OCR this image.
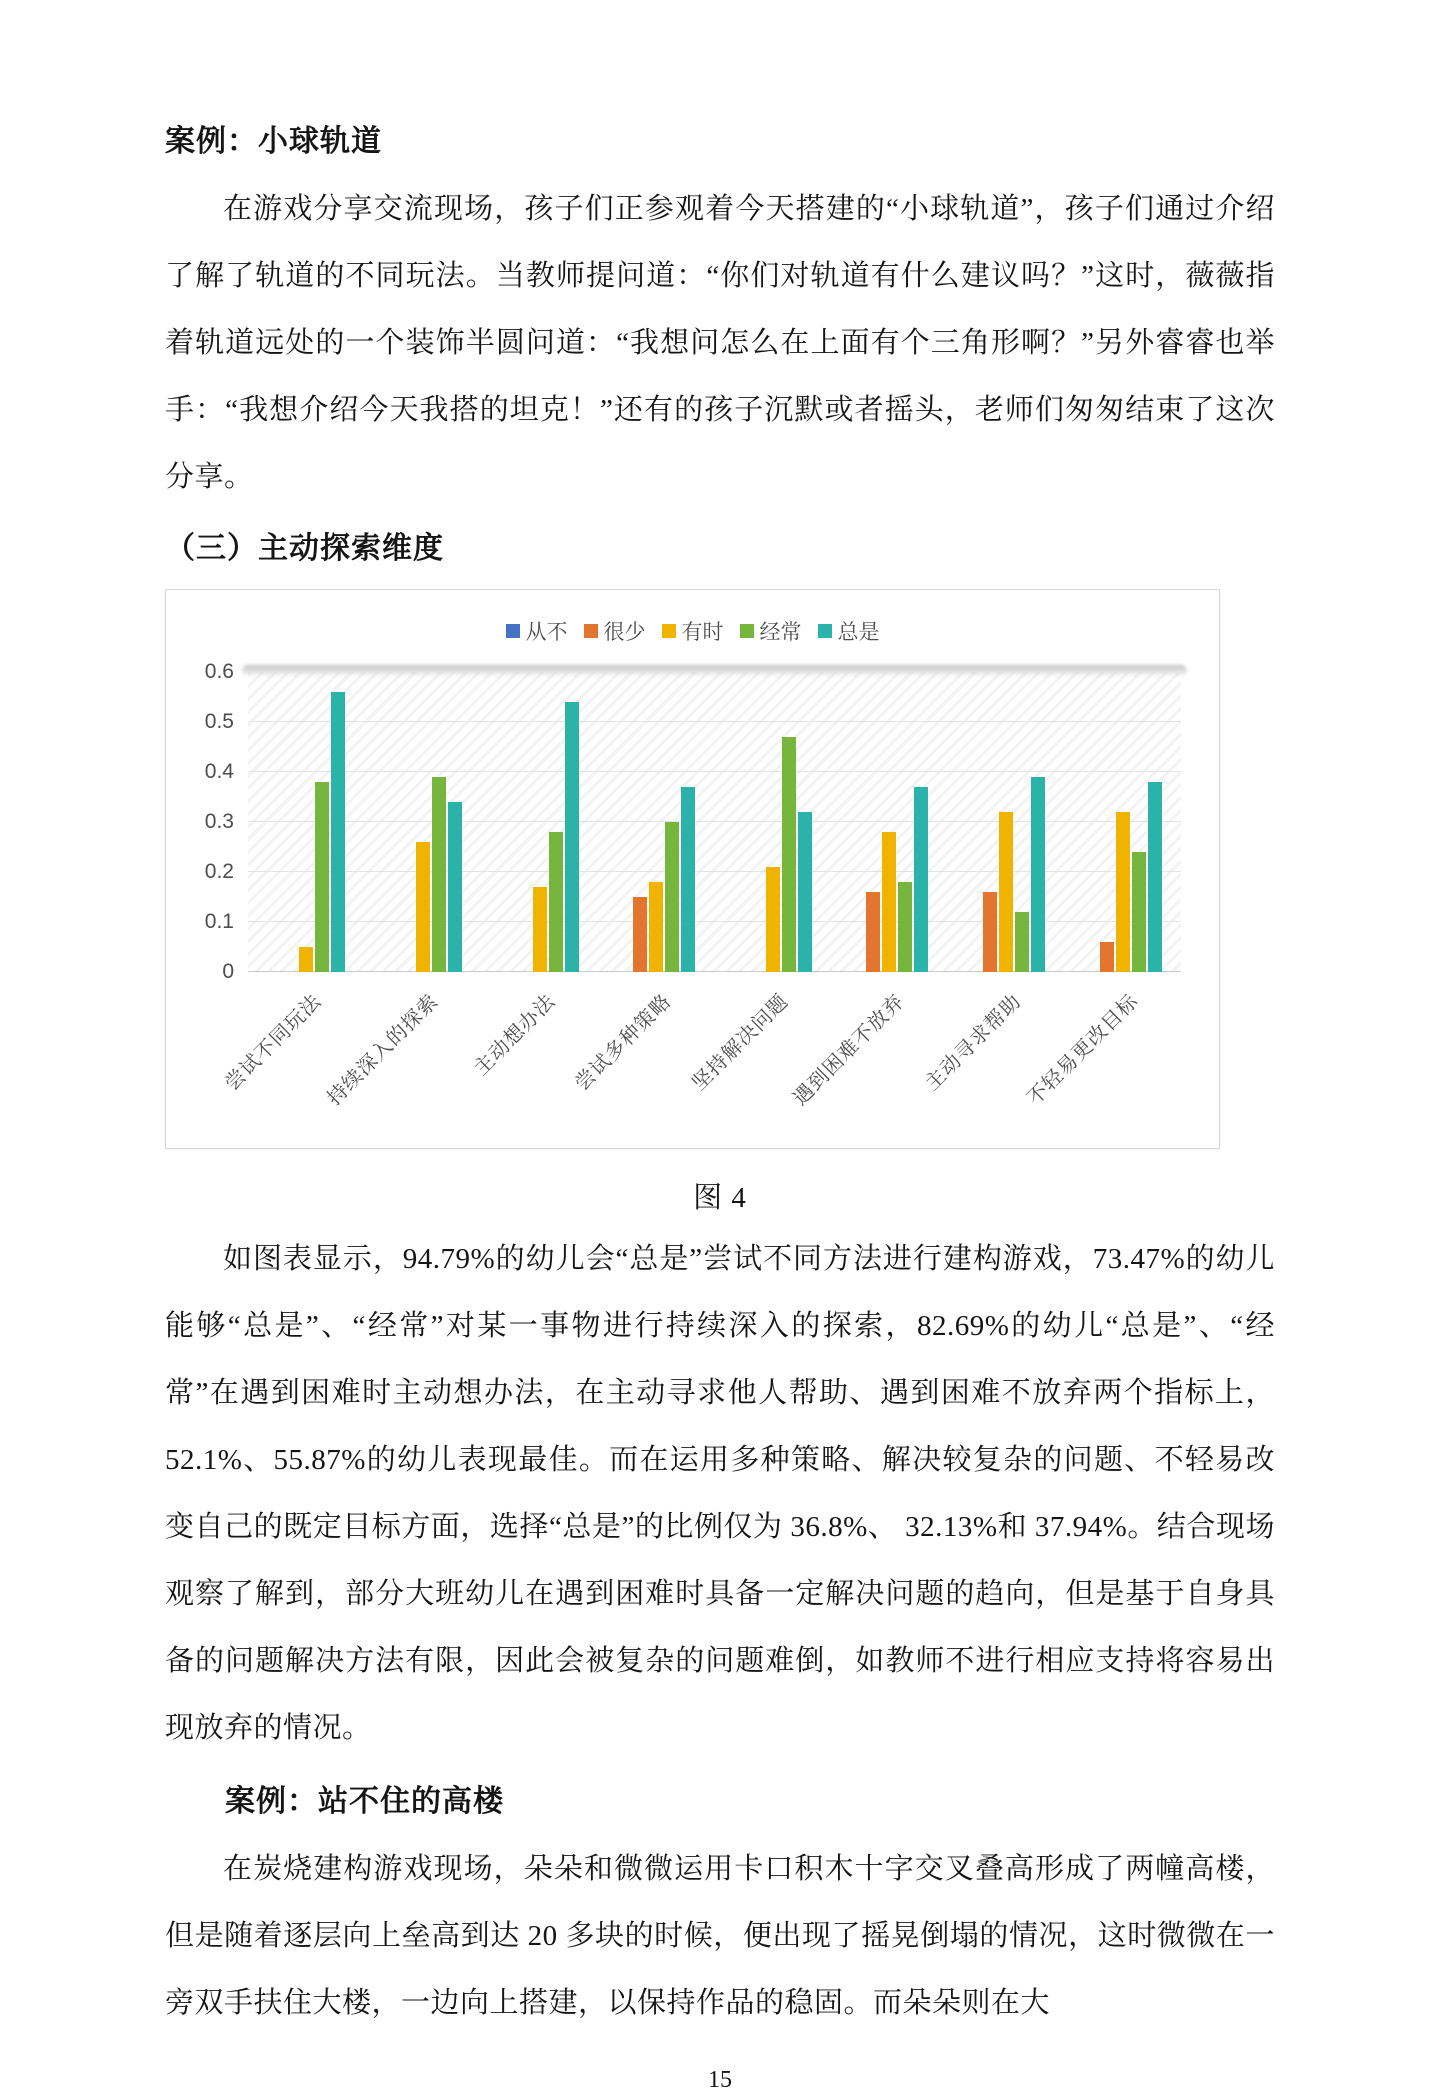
案例：小球轨道
在游戏分享交流现场，孩子们正参观着今天搭建的“小球轨道”，孩子们通过介绍了解了轨道的不同玩法。当教师提问道：“你们对轨道有什么建议吗？”这时，薇薇指着轨道远处的一个装饰半圆问道：“我想问怎么在上面有个三角形啊？”另外睿睿也举手：“我想介绍今天我搭的坦克！”还有的孩子沉默或者摇头，老师们匆匆结束了这次分享。
（三）主动探索维度
从不 很少 有时 经常 总是
0
0.1
0.2
0.3
0.4
0.5
0.6
尝试不同玩法
持续深入的探索 主动想办法 尝试多种策略 坚持解决问题
遇到困难不放弃 主动寻求帮助
不轻易更改目标
图 4
如图表显示，94.79%的幼儿会“总是”尝试不同方法进行建构游戏，73.47%的幼儿能够“总是”、“经常”对某一事物进行持续深入的探索，82.69%的幼儿“总是”、“经常”在遇到困难时主动想办法，在主动寻求他人帮助、遇到困难不放弃两个指标上，52.1%、55.87%的幼儿表现最佳。而在运用多种策略、解决较复杂的问题、不轻易改变自己的既定目标方面，选择“总是”的比例仅为 36.8%、 32.13%和 37.94%。结合现场观察了解到，部分大班幼儿在遇到困难时具备一定解决问题的趋向，但是基于自身具备的问题解决方法有限，因此会被复杂的问题难倒，如教师不进行相应支持将容易出现放弃的情况。
案例：站不住的高楼
在炭烧建构游戏现场，朵朵和微微运用卡口积木十字交叉叠高形成了两幢高楼，但是随着逐层向上垒高到达 20 多块的时候，便出现了摇晃倒塌的情况，这时微微在一旁双手扶住大楼，一边向上搭建，以保持作品的稳固。而朵朵则在大
15
